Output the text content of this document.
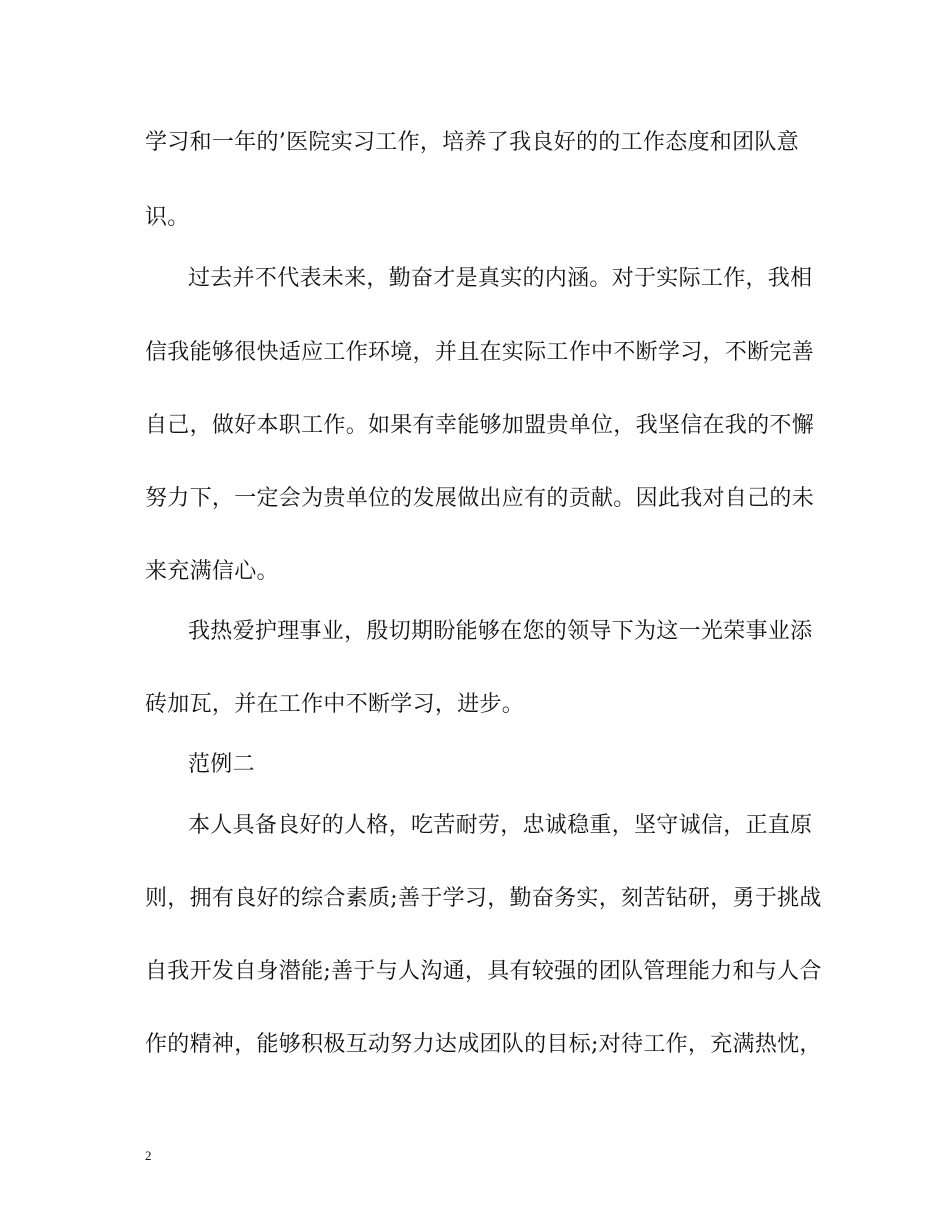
学习和一年的’医院实习工作，培养了我良好的的工作态度和团队意
识。
过去并不代表未来，勤奋才是真实的内涵。对于实际工作，我相
信我能够很快适应工作环境，并且在实际工作中不断学习，不断完善
自己，做好本职工作。如果有幸能够加盟贵单位，我坚信在我的不懈
努力下，一定会为贵单位的发展做出应有的贡献。因此我对自己的未
来充满信心。
我热爱护理事业，殷切期盼能够在您的领导下为这一光荣事业添
砖加瓦，并在工作中不断学习，进步。
范例二
本人具备良好的人格，吃苦耐劳，忠诚稳重，坚守诚信，正直原
则，拥有良好的综合素质;善于学习，勤奋务实，刻苦钻研，勇于挑战
自我开发自身潜能;善于与人沟通，具有较强的团队管理能力和与人合
作的精神，能够积极互动努力达成团队的目标;对待工作，充满热忱，
2
